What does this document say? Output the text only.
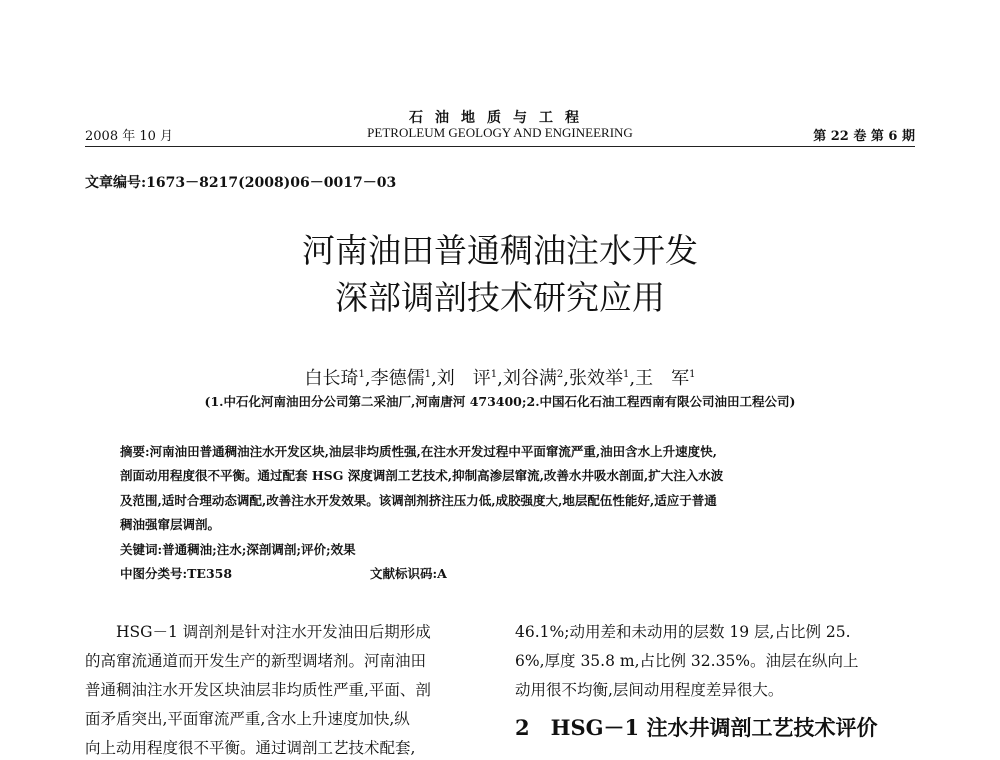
石油地质与工程
PETROLEUM GEOLOGY AND ENGINEERING
2008 年 10 月	第 22 卷 第 6 期
文章编号:1673－8217(2008)06－0017－03
河南油田普通稠油注水开发
深部调剖技术研究应用
白长琦$^1$,李德儒$^1$,刘　评$^1$,刘谷满$^2$,张效举$^1$,王　军$^1$
(1.中石化河南油田分公司第二采油厂,河南唐河 473400;2.中国石化石油工程西南有限公司油田工程公司)
摘要:河南油田普通稠油注水开发区块,油层非均质性强,在注水开发过程中平面窜流严重,油田含水上升速度快,
剖面动用程度很不平衡。通过配套 HSG 深度调剖工艺技术,抑制高渗层窜流,改善水井吸水剖面,扩大注入水波
及范围,适时合理动态调配,改善注水开发效果。该调剖剂挤注压力低,成胶强度大,地层配伍性能好,适应于普通
稠油强窜层调剖。
关键词:普通稠油;注水;深剖调剖;评价;效果
中图分类号:TE358	文献标识码:A
　　HSG－1 调剖剂是针对注水开发油田后期形成
的高窜流通道而开发生产的新型调堵剂。河南油田
普通稠油注水开发区块油层非均质性严重,平面、剖
面矛盾突出,平面窜流严重,含水上升速度加快,纵
向上动用程度很不平衡。通过调剖工艺技术配套,
46.1%;动用差和未动用的层数 19 层,占比例 25.
6%,厚度 35.8 m,占比例 32.35%。油层在纵向上
动用很不均衡,层间动用程度差异很大。
2　HSG－1 注水井调剖工艺技术评价
